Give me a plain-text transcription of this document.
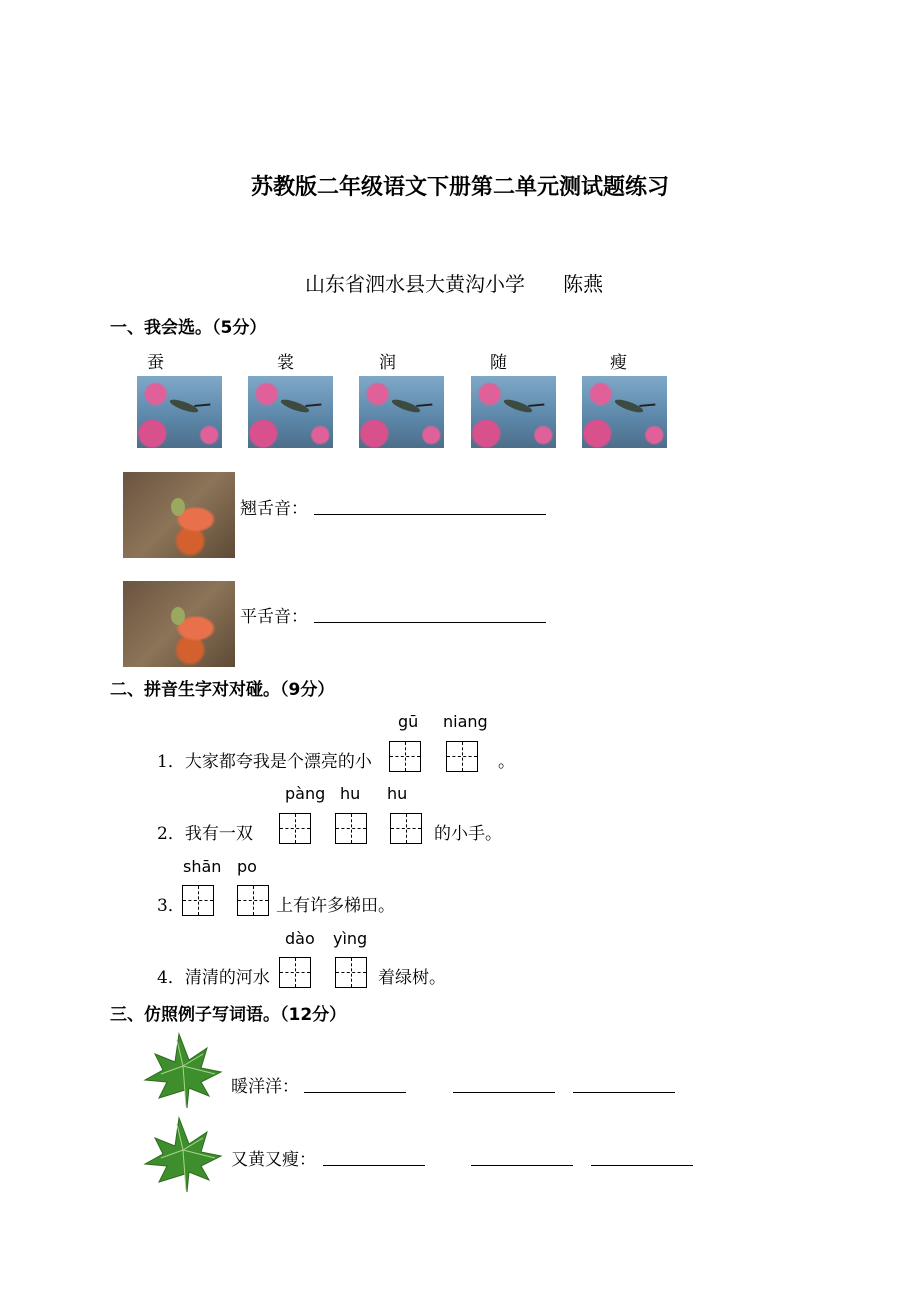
苏教版二年级语文下册第二单元测试题练习
山东省泗水县大黄沟小学      陈燕
一、我会选。（5分）
蚕	裳	润	随	瘦
翘舌音：
平舌音：
二、拼音生字对对碰。（9分）
gū niang
1．大家都夸我是个漂亮的小	。
pàng hu hu
2．我有一双	的小手。
shān po
3．	上有许多梯田。
dào yìng
4．清清的河水	着绿树。
三、仿照例子写词语。（12分）
暖洋洋：
又黄又瘦：
